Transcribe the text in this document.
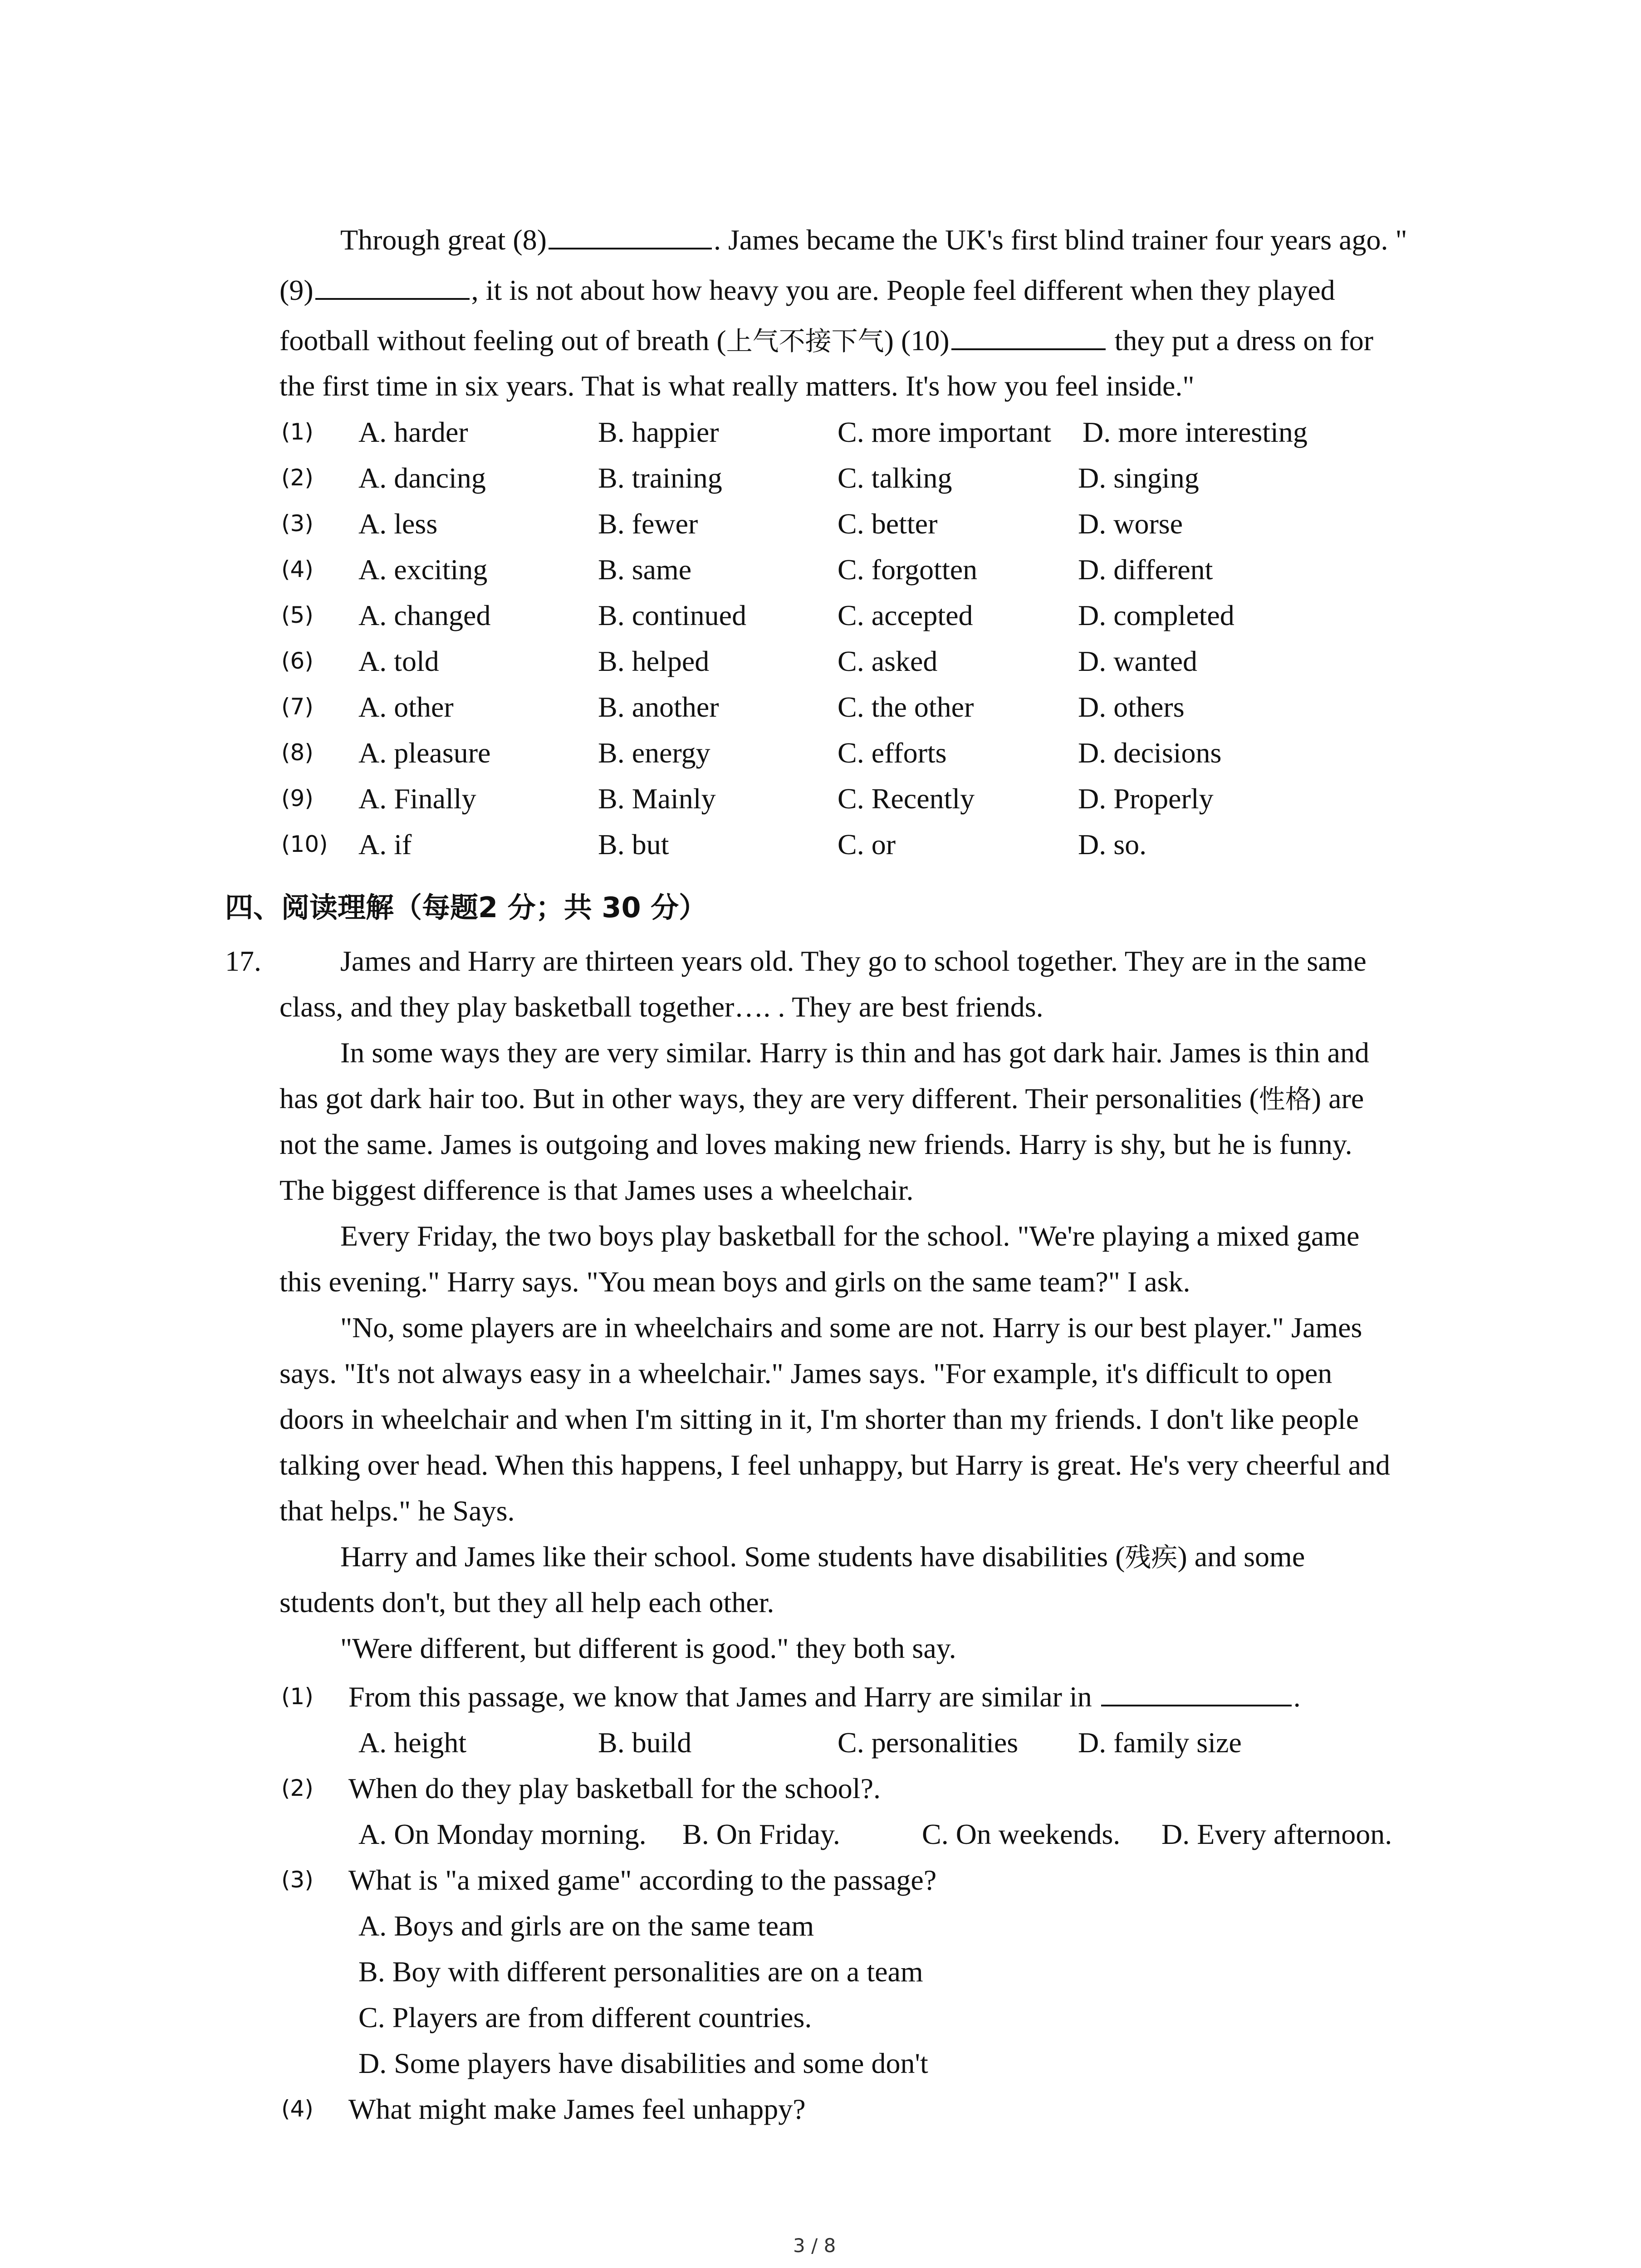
Through great (8)	. James became the UK's first blind trainer four years ago. "
(9)	, it is not about how heavy you are. People feel different when they played
football without feeling out of breath (上气不接下气) (10)	they put a dress on for
the first time in six years. That is what really matters. It's how you feel inside."
(1) A. harder	B. happier	C. more important D. more interesting
(2) A. dancing	B. training	C. talking	D. singing
(3) A. less	B. fewer	C. better	D. worse
(4) A. exciting	B. same	C. forgotten	D. different
(5) A. changed	B. continued	C. accepted	D. completed
(6) A. told	B. helped	C. asked	D. wanted
(7) A. other	B. another	C. the other	D. others
(8) A. pleasure	B. energy	C. efforts	D. decisions
(9) A. Finally	B. Mainly	C. Recently	D. Properly
(10) A. if	B. but	C. or	D. so.
四、阅读理解（每题2 分；共 30 分）
17.	James and Harry are thirteen years old. They go to school together. They are in the same
class, and they play basketball together…. . They are best friends.
In some ways they are very similar. Harry is thin and has got dark hair. James is thin and
has got dark hair too. But in other ways, they are very different. Their personalities (性格) are
not the same. James is outgoing and loves making new friends. Harry is shy, but he is funny.
The biggest difference is that James uses a wheelchair.
Every Friday, the two boys play basketball for the school. "We're playing a mixed game
this evening." Harry says. "You mean boys and girls on the same team?" I ask.
"No, some players are in wheelchairs and some are not. Harry is our best player." James
says. "It's not always easy in a wheelchair." James says. "For example, it's difficult to open
doors in wheelchair and when I'm sitting in it, I'm shorter than my friends. I don't like people
talking over head. When this happens, I feel unhappy, but Harry is great. He's very cheerful and
that helps." he Says.
Harry and James like their school. Some students have disabilities (残疾) and some
students don't, but they all help each other.
"Were different, but different is good." they both say.
(1) From this passage, we know that James and Harry are similar in	.
A. height	B. build	C. personalities D. family size
(2) When do they play basketball for the school?.
A. On Monday morning. B. On Friday.	C. On weekends. D. Every afternoon.
(3) What is "a mixed game" according to the passage?
A. Boys and girls are on the same team
B. Boy with different personalities are on a team
C. Players are from different countries.
D. Some players have disabilities and some don't
(4) What might make James feel unhappy?
3 / 8
